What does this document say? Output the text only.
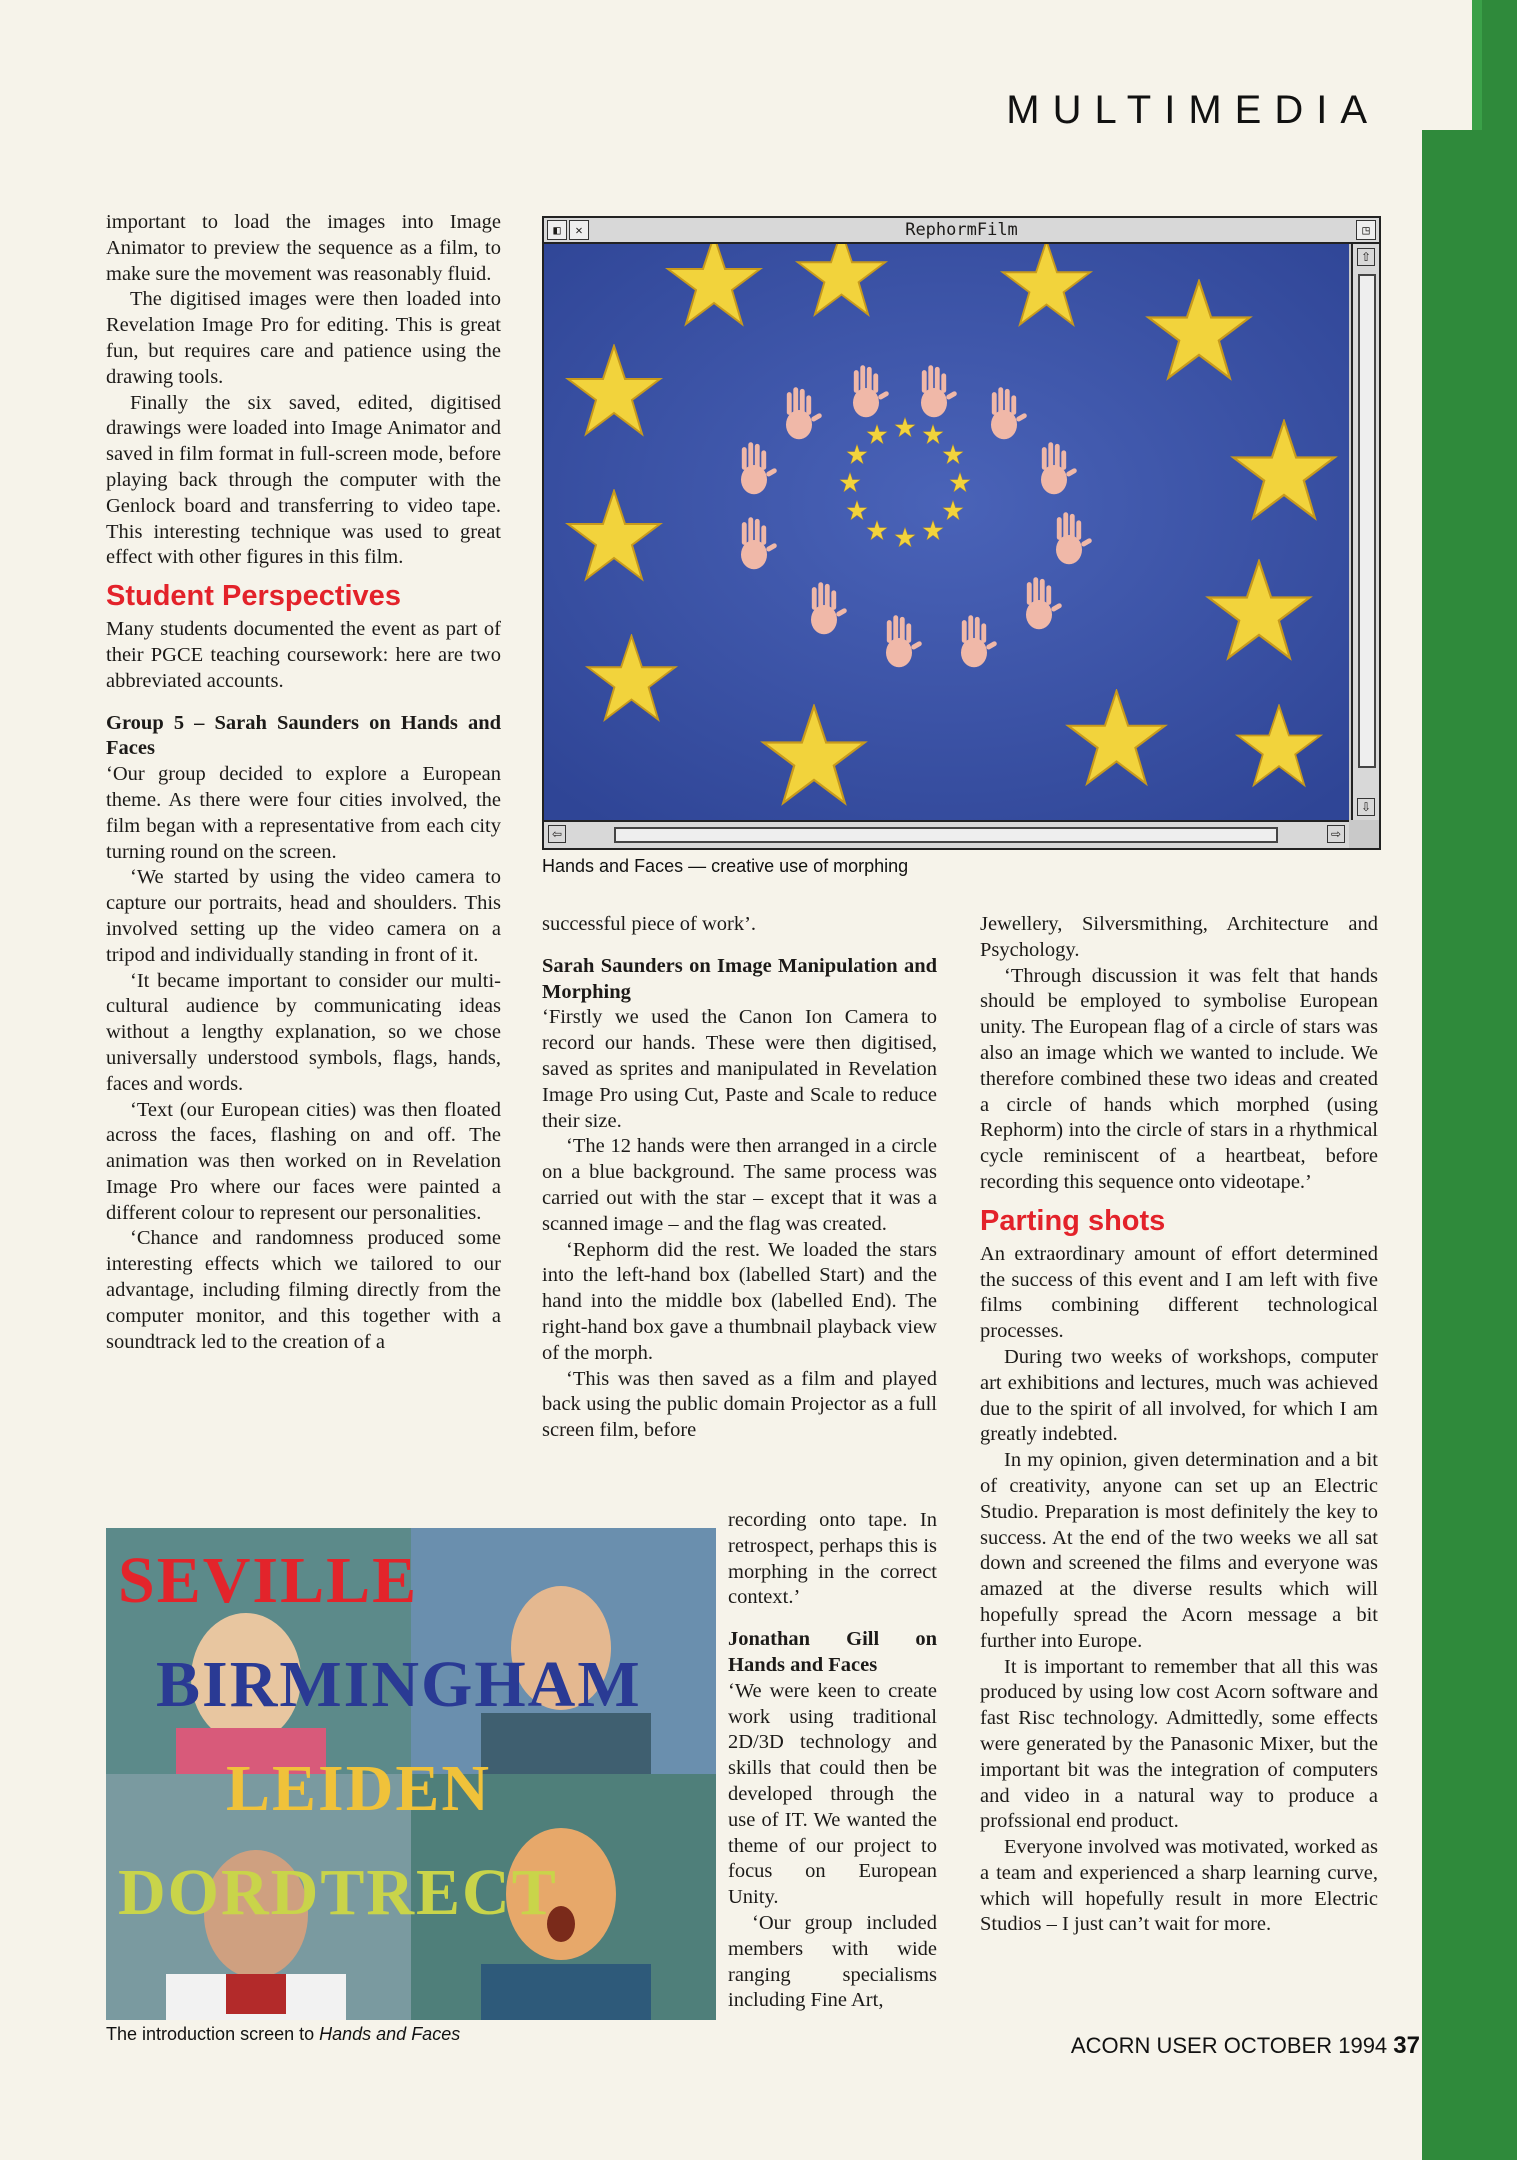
MULTIMEDIA

important to load the images into Image Animator to preview the sequence as a film, to make sure the movement was reasonably fluid.

The digitised images were then loaded into Revelation Image Pro for editing. This is great fun, but requires care and patience using the drawing tools.

Finally the six saved, edited, digitised drawings were loaded into Image Animator and saved in film format in full-screen mode, before playing back through the computer with the Genlock board and transferring to video tape. This interesting technique was used to great effect with other figures in this film.

Student Perspectives

Many students documented the event as part of their PGCE teaching coursework: here are two abbreviated accounts.

Group 5 – Sarah Saunders on Hands and Faces

‘Our group decided to explore a European theme. As there were four cities involved, the film began with a representative from each city turning round on the screen.

‘We started by using the video camera to capture our portraits, head and shoulders. This involved setting up the video camera on a tripod and individually standing in front of it.

‘It became important to consider our multi-cultural audience by communicating ideas without a lengthy explanation, so we chose universally understood symbols, flags, hands, faces and words.

‘Text (our European cities) was then floated across the faces, flashing on and off. The animation was then worked on in Revelation Image Pro where our faces were painted a different colour to represent our personalities.

‘Chance and randomness produced some interesting effects which we tailored to our advantage, including filming directly from the computer monitor, and this together with a soundtrack led to the creation of a

◧	✕	RephormFilm	◳
⇧
⇩
⇦	⇨
Hands and Faces — creative use of morphing

successful piece of work’.

Sarah Saunders on Image Manipulation and Morphing

‘Firstly we used the Canon Ion Camera to record our hands. These were then digitised, saved as sprites and manipulated in Revelation Image Pro using Cut, Paste and Scale to reduce their size.

‘The 12 hands were then arranged in a circle on a blue background. The same process was carried out with the star – except that it was a scanned image – and the flag was created.

‘Rephorm did the rest. We loaded the stars into the left-hand box (labelled Start) and the hand into the middle box (labelled End). The right-hand box gave a thumbnail playback view of the morph.

‘This was then saved as a film and played back using the public domain Projector as a full screen film, before

recording onto tape. In retrospect, perhaps this is morphing in the correct context.’

Jonathan Gill on Hands and Faces

‘We were keen to create work using traditional 2D/3D technology and skills that could then be developed through the use of IT. We wanted the theme of our project to focus on European Unity.

‘Our group included members with wide ranging specialisms including Fine Art,

SEVILLE
BIRMINGHAM
LEIDEN
DORDTRECT
The introduction screen to Hands and Faces

Jewellery, Silversmithing, Architecture and Psychology.

‘Through discussion it was felt that hands should be employed to symbolise European unity. The European flag of a circle of stars was also an image which we wanted to include. We therefore combined these two ideas and created a circle of hands which morphed (using Rephorm) into the circle of stars in a rhythmical cycle reminiscent of a heartbeat, before recording this sequence onto videotape.’

Parting shots

An extraordinary amount of effort determined the success of this event and I am left with five films combining different technological processes.

During two weeks of workshops, computer art exhibitions and lectures, much was achieved due to the spirit of all involved, for which I am greatly indebted.

In my opinion, given determination and a bit of creativity, anyone can set up an Electric Studio. Preparation is most definitely the key to success. At the end of the two weeks we all sat down and screened the films and everyone was amazed at the diverse results which will hopefully spread the Acorn message a bit further into Europe.

It is important to remember that all this was produced by using low cost Acorn software and fast Risc technology. Admittedly, some effects were generated by the Panasonic Mixer, but the important bit was the integration of computers and video in a natural way to produce a profssional end product.

Everyone involved was motivated, worked as a team and experienced a sharp learning curve, which will hopefully result in more Electric Studios – I just can’t wait for more.

ACORN USER OCTOBER 1994 37
